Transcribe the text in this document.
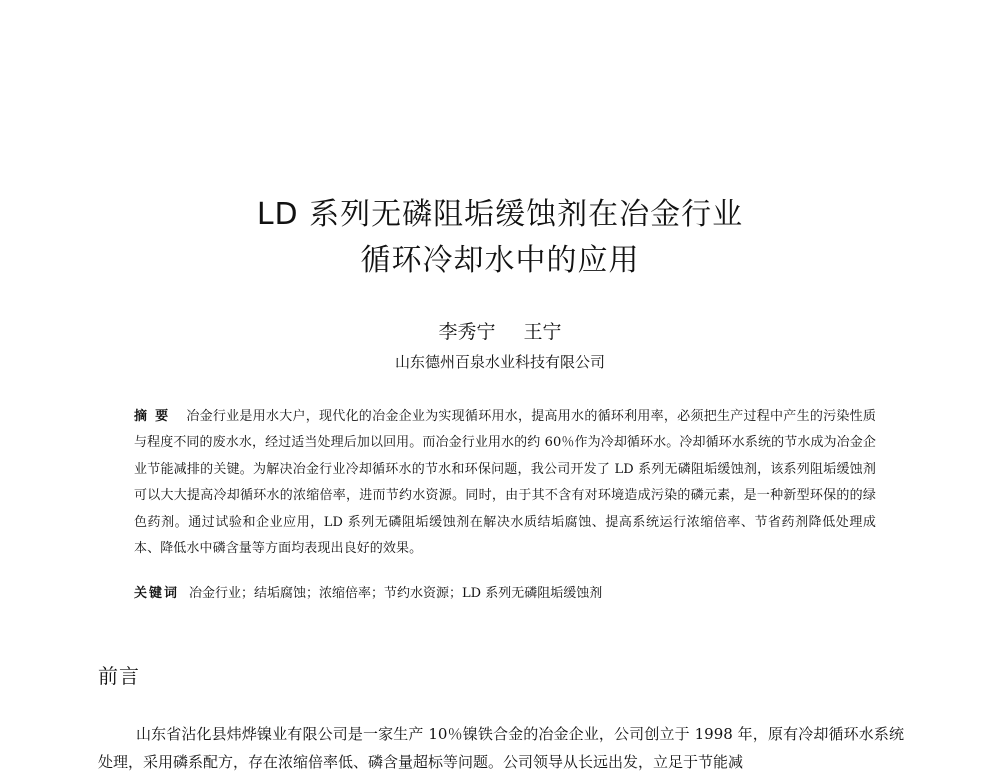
LD 系列无磷阻垢缓蚀剂在冶金行业
循环冷却水中的应用
李秀宁 王宁
山东德州百泉水业科技有限公司
摘要 冶金行业是用水大户，现代化的冶金企业为实现循环用水，提高用水的循环利用率，必须把生产过程中产生的污染性质与程度不同的废水水，经过适当处理后加以回用。而冶金行业用水的约 60％作为冷却循环水。冷却循环水系统的节水成为冶金企业节能减排的关键。为解决冶金行业冷却循环水的节水和环保问题，我公司开发了 LD 系列无磷阻垢缓蚀剂，该系列阻垢缓蚀剂可以大大提高冷却循环水的浓缩倍率，进而节约水资源。同时，由于其不含有对环境造成污染的磷元素，是一种新型环保的的绿色药剂。通过试验和企业应用，LD 系列无磷阻垢缓蚀剂在解决水质结垢腐蚀、提高系统运行浓缩倍率、节省药剂降低处理成本、降低水中磷含量等方面均表现出良好的效果。
关键词 冶金行业；结垢腐蚀；浓缩倍率；节约水资源；LD 系列无磷阻垢缓蚀剂
前言
山东省沾化县炜烨镍业有限公司是一家生产 10％镍铁合金的冶金企业，公司创立于 1998 年，原有冷却循环水系统处理，采用磷系配方，存在浓缩倍率低、磷含量超标等问题。公司领导从长远出发，立足于节能减
